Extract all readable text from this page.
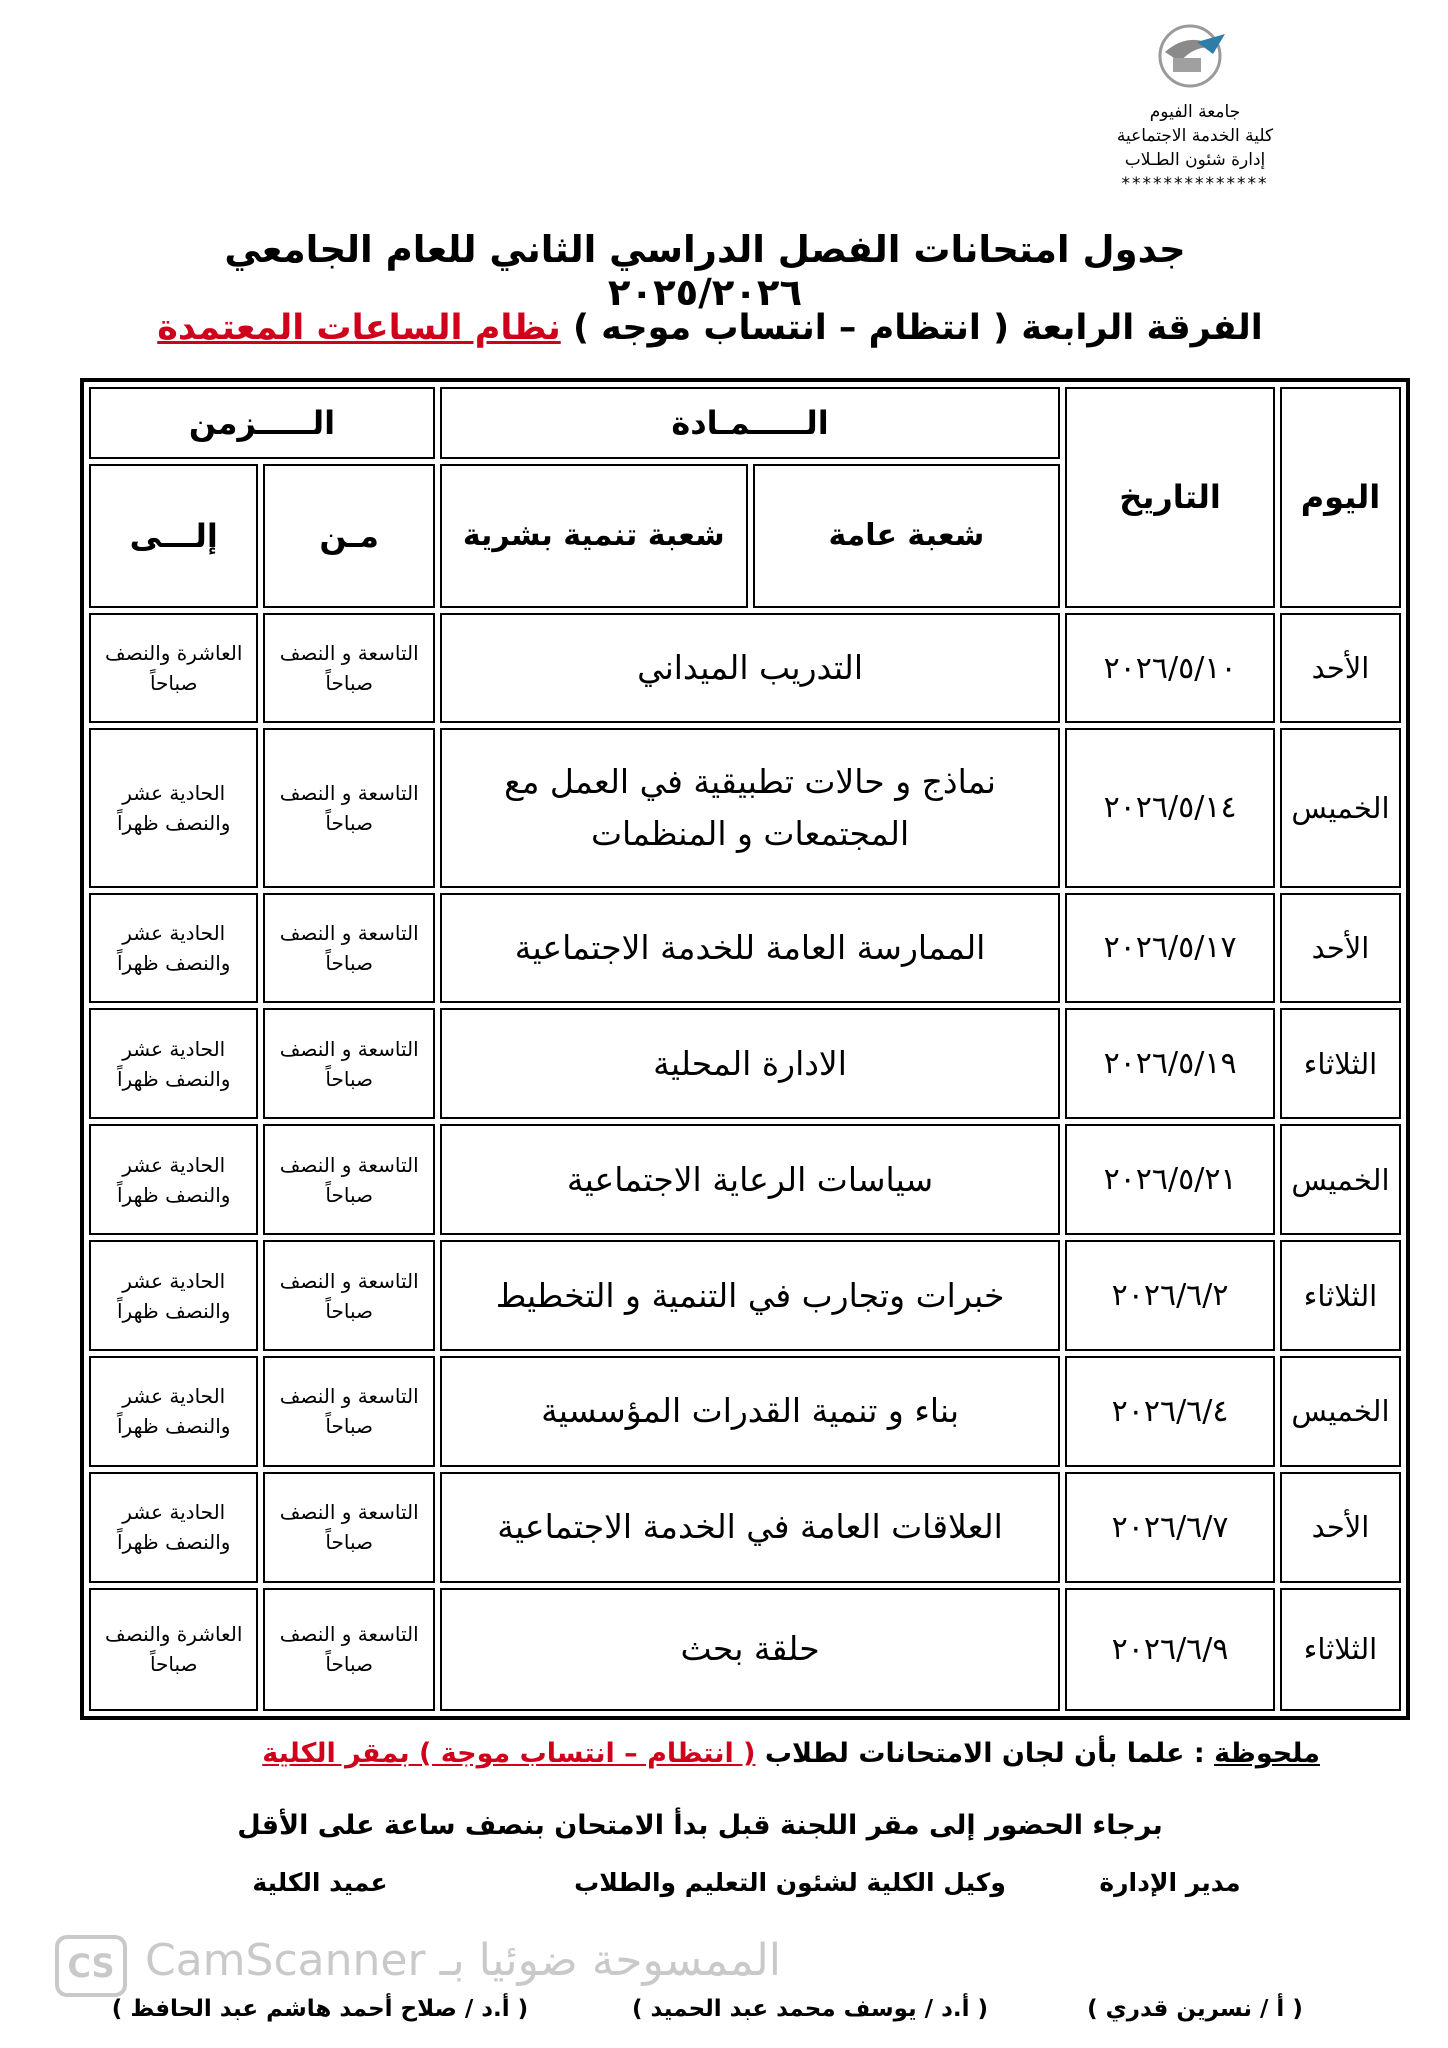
جامعة الفيوم
كلية الخدمة الاجتماعية
إدارة شئون الطـلاب
**************
جدول امتحانات الفصل الدراسي الثاني للعام الجامعي ٢٠٢٥/٢٠٢٦
الفرقة الرابعة ( انتظام – انتساب موجه ) نظام الساعات المعتمدة
اليوم	التاريخ	الـــــمـادة		الـــــزمن	
		شعبة عامة	شعبة تنمية بشرية	مـن	إلـــى
الأحد	٢٠٢٦/٥/١٠	التدريب الميداني		التاسعة و النصف صباحاً	العاشرة والنصف صباحاً
الخميس	٢٠٢٦/٥/١٤	نماذج و حالات تطبيقية في العمل مع المجتمعات و المنظمات		التاسعة و النصف صباحاً	الحادية عشر والنصف ظهراً
الأحد	٢٠٢٦/٥/١٧	الممارسة العامة للخدمة الاجتماعية		التاسعة و النصف صباحاً	الحادية عشر والنصف ظهراً
الثلاثاء	٢٠٢٦/٥/١٩	الادارة المحلية		التاسعة و النصف صباحاً	الحادية عشر والنصف ظهراً
الخميس	٢٠٢٦/٥/٢١	سياسات الرعاية الاجتماعية		التاسعة و النصف صباحاً	الحادية عشر والنصف ظهراً
الثلاثاء	٢٠٢٦/٦/٢	خبرات وتجارب في التنمية و التخطيط		التاسعة و النصف صباحاً	الحادية عشر والنصف ظهراً
الخميس	٢٠٢٦/٦/٤	بناء و تنمية القدرات المؤسسية		التاسعة و النصف صباحاً	الحادية عشر والنصف ظهراً
الأحد	٢٠٢٦/٦/٧	العلاقات العامة في الخدمة الاجتماعية		التاسعة و النصف صباحاً	الحادية عشر والنصف ظهراً
الثلاثاء	٢٠٢٦/٦/٩	حلقة بحث		التاسعة و النصف صباحاً	العاشرة والنصف صباحاً
ملحوظة : علما بأن لجان الامتحانات لطلاب ( انتظام – انتساب موجة ) بمقر الكلية
برجاء الحضور إلى مقر اللجنة قبل بدأ الامتحان بنصف ساعة على الأقل
مدير الإدارة
وكيل الكلية لشئون التعليم والطلاب
عميد الكلية
CS CamScanner الممسوحة ضوئيا بـ
( أ / نسرين قدري )
( أ.د / يوسف محمد عبد الحميد )
( أ.د / صلاح أحمد هاشم عبد الحافظ )
